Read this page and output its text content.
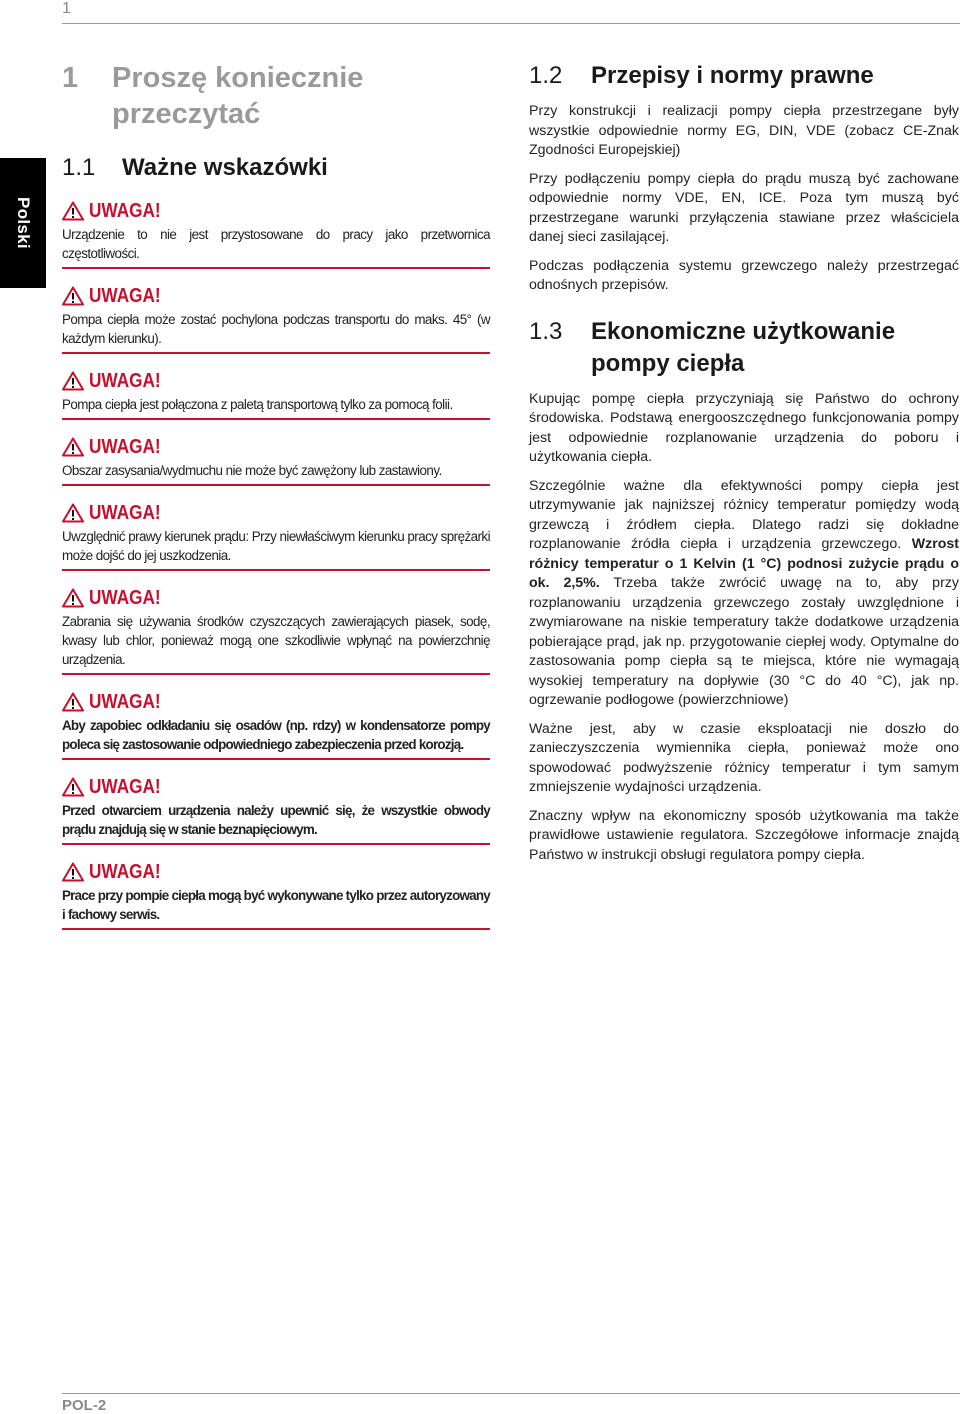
1
Polski
1	Proszę koniecznie przeczytać
1.1	Ważne wskazówki
UWAGA!
Urządzenie to nie jest przystosowane do pracy jako przetwornica częstotliwości.
UWAGA!
Pompa ciepła może zostać pochylona podczas transportu do maks. 45° (w każdym kierunku).
UWAGA!
Pompa ciepła jest połączona z paletą transportową tylko za pomocą folii.
UWAGA!
Obszar zasysania/wydmuchu nie może być zawężony lub zastawiony.
UWAGA!
Uwzględnić prawy kierunek prądu: Przy niewłaściwym kierunku pracy sprężarki może dojść do jej uszkodzenia.
UWAGA!
Zabrania się używania środków czyszczących zawierających piasek, sodę, kwasy lub chlor, ponieważ mogą one szkodliwie wpłynąć na powierzchnię urządzenia.
UWAGA!
Aby zapobiec odkładaniu się osadów (np. rdzy) w kondensatorze pompy poleca się zastosowanie odpowiedniego zabezpieczenia przed korozją.
UWAGA!
Przed otwarciem urządzenia należy upewnić się, że wszystkie obwody prądu znajdują się w stanie beznapięciowym.
UWAGA!
Prace przy pompie ciepła mogą być wykonywane tylko przez autoryzowany i fachowy serwis.
1.2	Przepisy i normy prawne

Przy konstrukcji i realizacji pompy ciepła przestrzegane były wszystkie odpowiednie normy EG, DIN, VDE (zobacz CE-Znak Zgodności Europejskiej)

Przy podłączeniu pompy ciepła do prądu muszą być zachowane odpowiednie normy VDE, EN, ICE. Poza tym muszą być przestrzegane warunki przyłączenia stawiane przez właściciela danej sieci zasilającej.

Podczas podłączenia systemu grzewczego należy przestrzegać odnośnych przepisów.

1.3	Ekonomiczne użytkowanie
pompy ciepła

Kupując pompę ciepła przyczyniają się Państwo do ochrony środowiska. Podstawą energooszczędnego funkcjonowania pompy jest odpowiednie rozplanowanie urządzenia do poboru i użytkowania ciepła.

Szczególnie ważne dla efektywności pompy ciepła jest utrzymywanie jak najniższej różnicy temperatur pomiędzy wodą grzewczą i źródłem ciepła. Dlatego radzi się dokładne rozplanowanie źródła ciepła i urządzenia grzewczego. Wzrost różnicy temperatur o 1 Kelvin (1 °C) podnosi zużycie prądu o ok. 2,5%. Trzeba także zwrócić uwagę na to, aby przy rozplanowaniu urządzenia grzewczego zostały uwzględnione i zwymiarowane na niskie temperatury także dodatkowe urządzenia pobierające prąd, jak np. przygotowanie ciepłej wody. Optymalne do zastosowania pomp ciepła są te miejsca, które nie wymagają wysokiej temperatury na dopływie (30 °C do 40 °C), jak np. ogrzewanie podłogowe (powierzchniowe)

Ważne jest, aby w czasie eksploatacji nie doszło do zanieczyszczenia wymiennika ciepła, ponieważ może ono spowodować podwyższenie różnicy temperatur i tym samym zmniejszenie wydajności urządzenia.

Znaczny wpływ na ekonomiczny sposób użytkowania ma także prawidłowe ustawienie regulatora. Szczegółowe informacje znajdą Państwo w instrukcji obsługi regulatora pompy ciepła.

POL-2
